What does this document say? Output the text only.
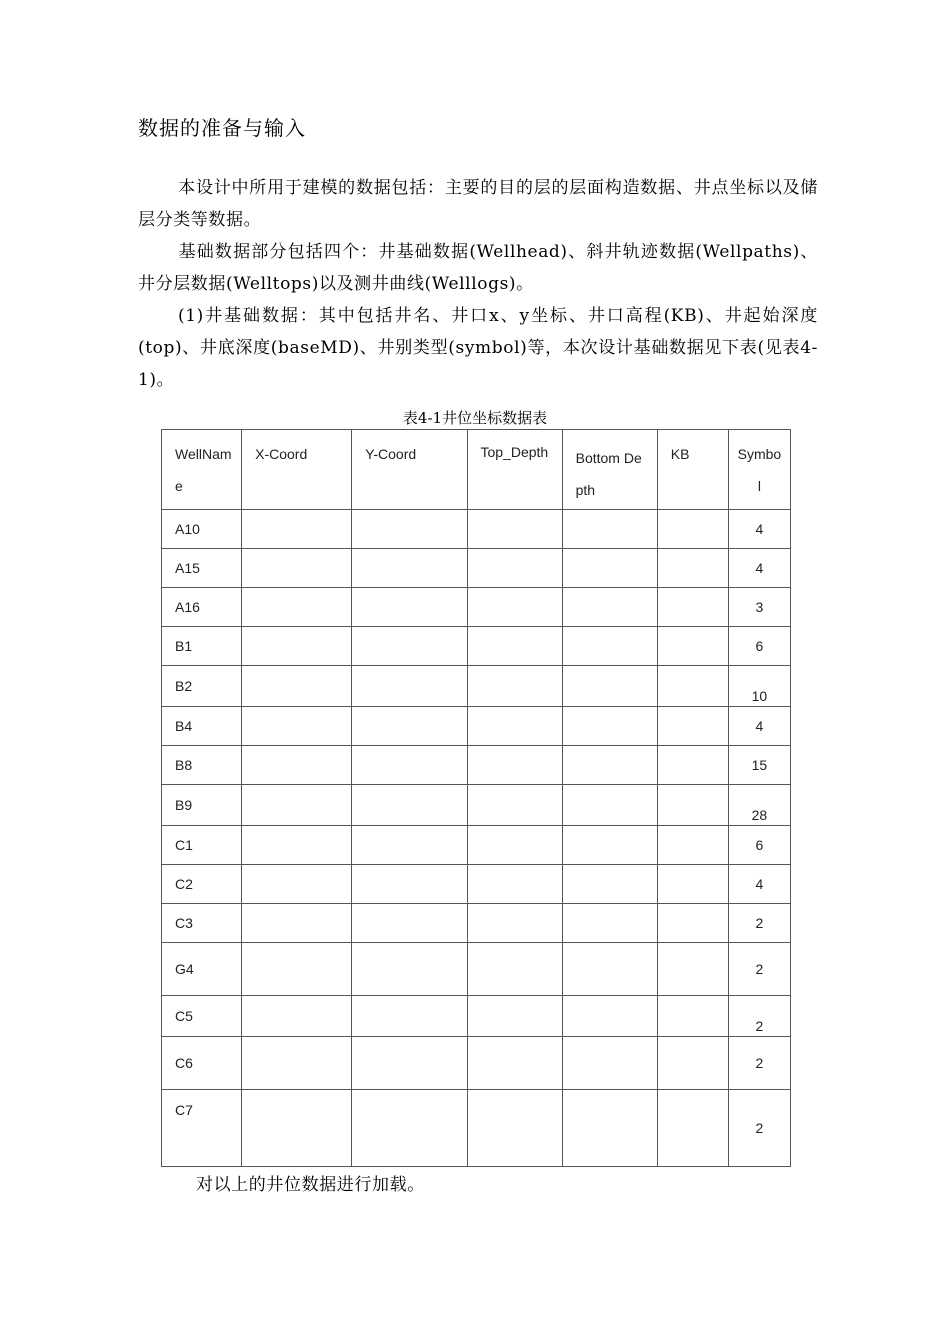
数据的准备与输入
本设计中所用于建模的数据包括：主要的目的层的层面构造数据、井点坐标以及储层分类等数据。
基础数据部分包括四个：井基础数据(Wellhead)、斜井轨迹数据(Wellpaths)、井分层数据(Welltops)以及测井曲线(Welllogs)。
(1)井基础数据：其中包括井名、井口x、y坐标、井口高程(KB)、井起始深度(top)、井底深度(baseMD)、井别类型(symbol)等，本次设计基础数据见下表(见表4-1)。
表4-1井位坐标数据表
WellName	X-Coord	Y-Coord	Top_Depth	Bottom Depth	KB	Symbol

A10						4
A15						4
A16						3
B1						6
B2						10
B4						4
B8						15
B9						28
C1						6
C2						4
C3						2
G4						2
C5						2
C6						2
C7						2
对以上的井位数据进行加载。
